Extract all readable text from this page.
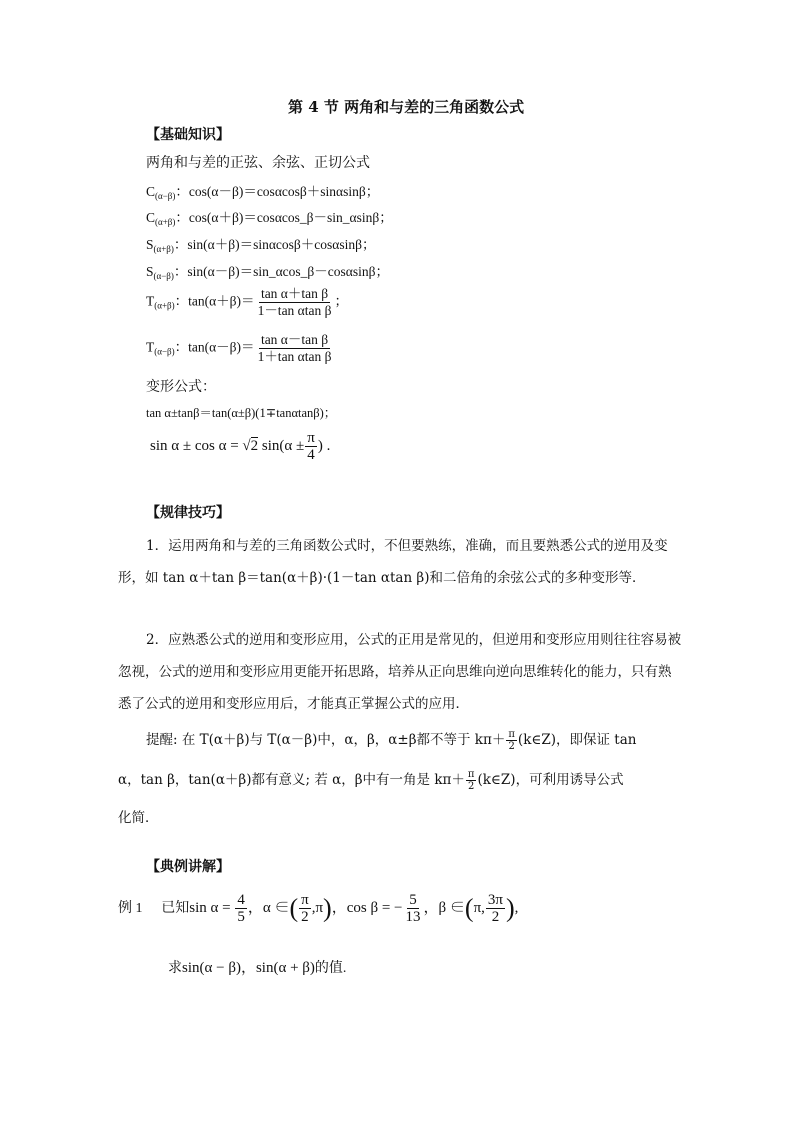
第 4 节 两角和与差的三角函数公式
【基础知识】
两角和与差的正弦、余弦、正切公式
$C_{(\alpha-\beta)}$：cos(α－β)＝cosαcosβ＋sinαsinβ；
$C_{(\alpha+\beta)}$：cos(α＋β)＝cosαcos_β－sin_αsinβ；
$S_{(\alpha+\beta)}$：sin(α＋β)＝sinαcosβ＋cosαsinβ；
$S_{(\alpha-\beta)}$：sin(α－β)＝sin_αcos_β－cosαsinβ；
$T_{(\alpha+\beta)}$：$\tan(\alpha+\beta)= \frac{\text{tan α＋tan β}}{\text{1－tan αtan β}}$ ；
$T_{(\alpha-\beta)}$：$\tan(\alpha-\beta)= \frac{\text{tan α－tan β}}{\text{1＋tan αtan β}}$
变形公式：
tan α±tanβ＝tan(α±β)(1∓tanαtanβ)；
sin α ± cos α = √2 $\sin(\alpha \pm \frac{\pi}{4}$ ) .
【规律技巧】
1．运用两角和与差的三角函数公式时，不但要熟练，准确，而且要熟悉公式的逆用及变形，如 tan α＋tan β＝tan(α＋β)·(1－tan αtan β)和二倍角的余弦公式的多种变形等．
2．应熟悉公式的逆用和变形应用，公式的正用是常见的，但逆用和变形应用则往往容易被忽视，公式的逆用和变形应用更能开拓思路，培养从正向思维向逆向思维转化的能力，只有熟悉了公式的逆用和变形应用后，才能真正掌握公式的应用．
提醒: 在 T(α＋β)与 T(α－β)中，α，β，α±β都不等于 $k\pi+ \frac{\pi}{2}$ (k∈Z)，即保证 tan
α，tan β，tan(α＋β)都有意义; 若 α，β中有一角是 $k\pi+ \frac{\pi}{2}$ (k∈Z)，可利用诱导公式
化简．
【典例讲解】
例 1 已知$\sin \alpha = \frac{4}{5}$ ，α ∈( $\frac{\pi}{2} ,\pi$)，cos β = − $\frac{5}{13}$ ，β ∈(π, $\frac{3\pi}{2}$ ),
求sin(α − β)，sin(α + β)的值.
